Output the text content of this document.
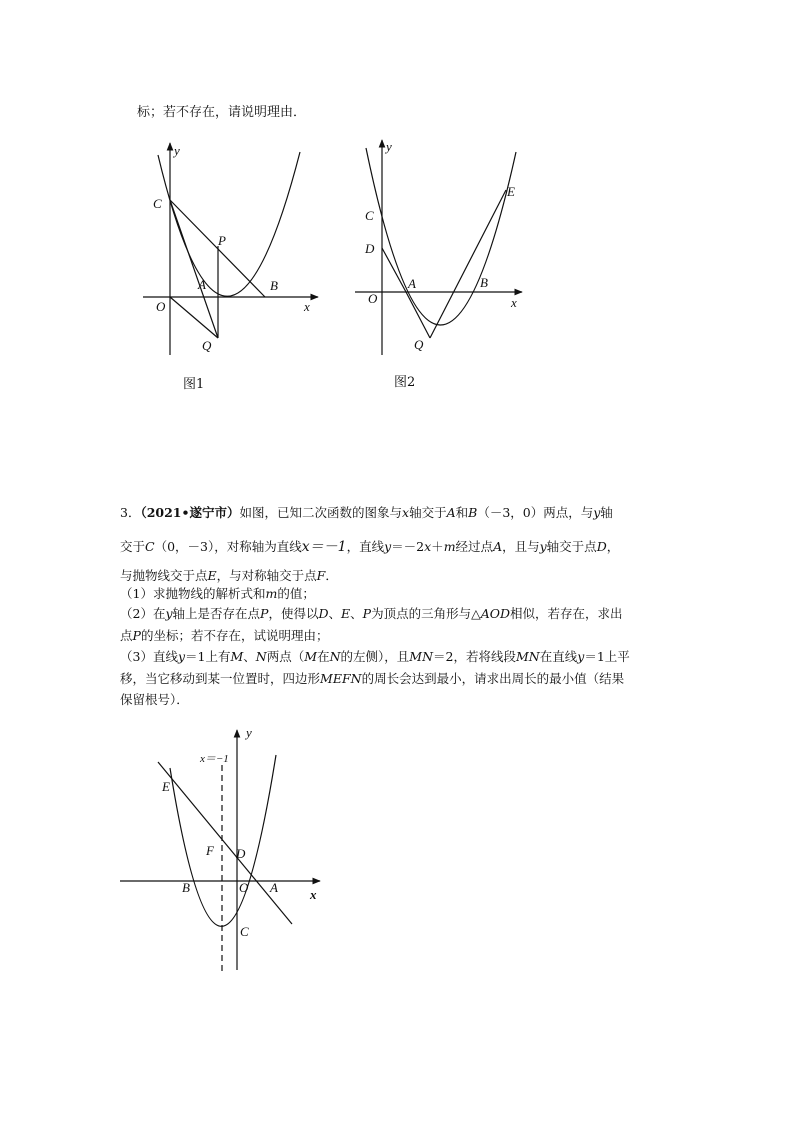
标；若不存在，请说明理由．
y
x
O
A	B
C
P
Q
y
x
O
A	B
C
D
E
Q
y
x
O A
B
C
D
E
F
x＝−1
图1	图2
3．（2021•遂宁市）如图，已知二次函数的图象与x轴交于A和B（－3，0）两点，与y轴
交于C（0，－3），对称轴为直线x＝－1，直线y＝－2x＋m经过点A，且与y轴交于点D，
与抛物线交于点E，与对称轴交于点F．
（1）求抛物线的解析式和m的值；
（2）在y轴上是否存在点P，使得以D、E、P为顶点的三角形与△AOD相似，若存在，求出
点P的坐标；若不存在，试说明理由；
（3）直线y＝1上有M、N两点（M在N的左侧），且MN＝2，若将线段MN在直线y＝1上平
移，当它移动到某一位置时，四边形MEFN的周长会达到最小，请求出周长的最小值（结果
保留根号）．
